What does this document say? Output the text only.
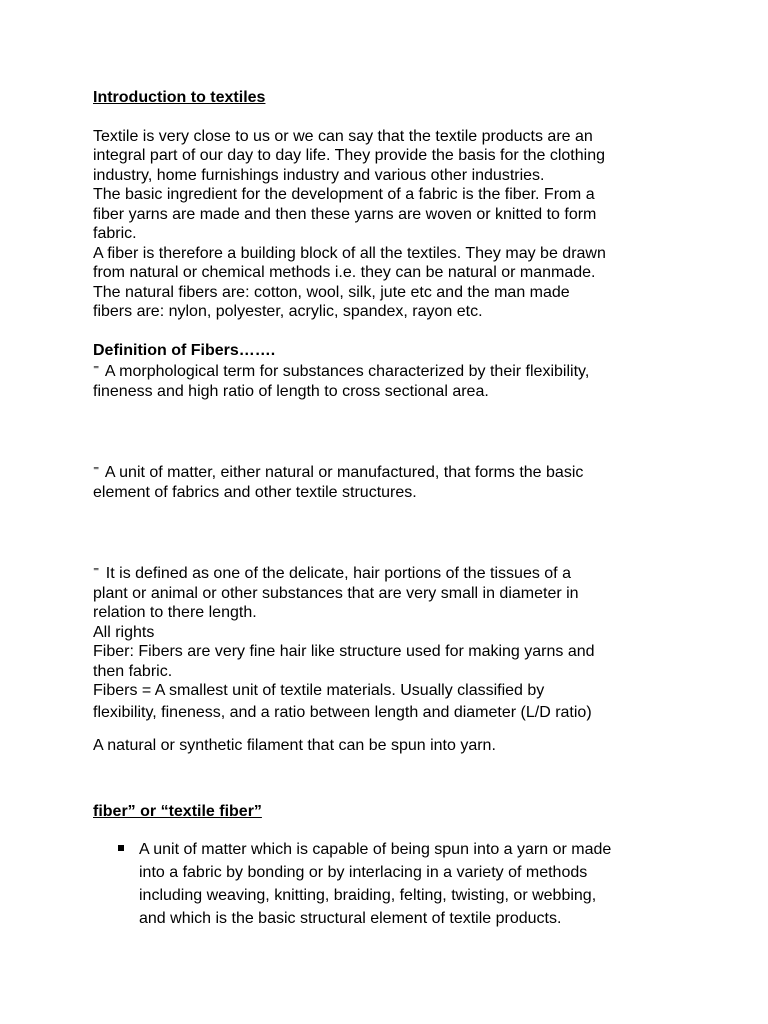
Introduction to textiles

Textile is very close to us or we can say that the textile products are an
integral part of our day to day life. They provide the basis for the clothing
industry, home furnishings industry and various other industries.
The basic ingredient for the development of a fabric is the fiber. From a
fiber yarns are made and then these yarns are woven or knitted to form
fabric.
A fiber is therefore a building block of all the textiles. They may be drawn
from natural or chemical methods i.e. they can be natural or manmade.
The natural fibers are: cotton, wool, silk, jute etc and the man made
fibers are: nylon, polyester, acrylic, spandex, rayon etc.

Definition of Fibers…….

⁼ A morphological term for substances characterized by their flexibility,
fineness and high ratio of length to cross sectional area.
⁼ A unit of matter, either natural or manufactured, that forms the basic
element of fabrics and other textile structures.
⁼ It is defined as one of the delicate, hair portions of the tissues of a
plant or animal or other substances that are very small in diameter in
relation to there length.
All rights
Fiber: Fibers are very fine hair like structure used for making yarns and
then fabric.
Fibers = A smallest unit of textile materials. Usually classified by
flexibility, fineness, and a ratio between length and diameter (L/D ratio)

A natural or synthetic filament that can be spun into yarn.

fiber” or “textile fiber”

A unit of matter which is capable of being spun into a yarn or made
into a fabric by bonding or by interlacing in a variety of methods
including weaving, knitting, braiding, felting, twisting, or webbing,
and which is the basic structural element of textile products.
